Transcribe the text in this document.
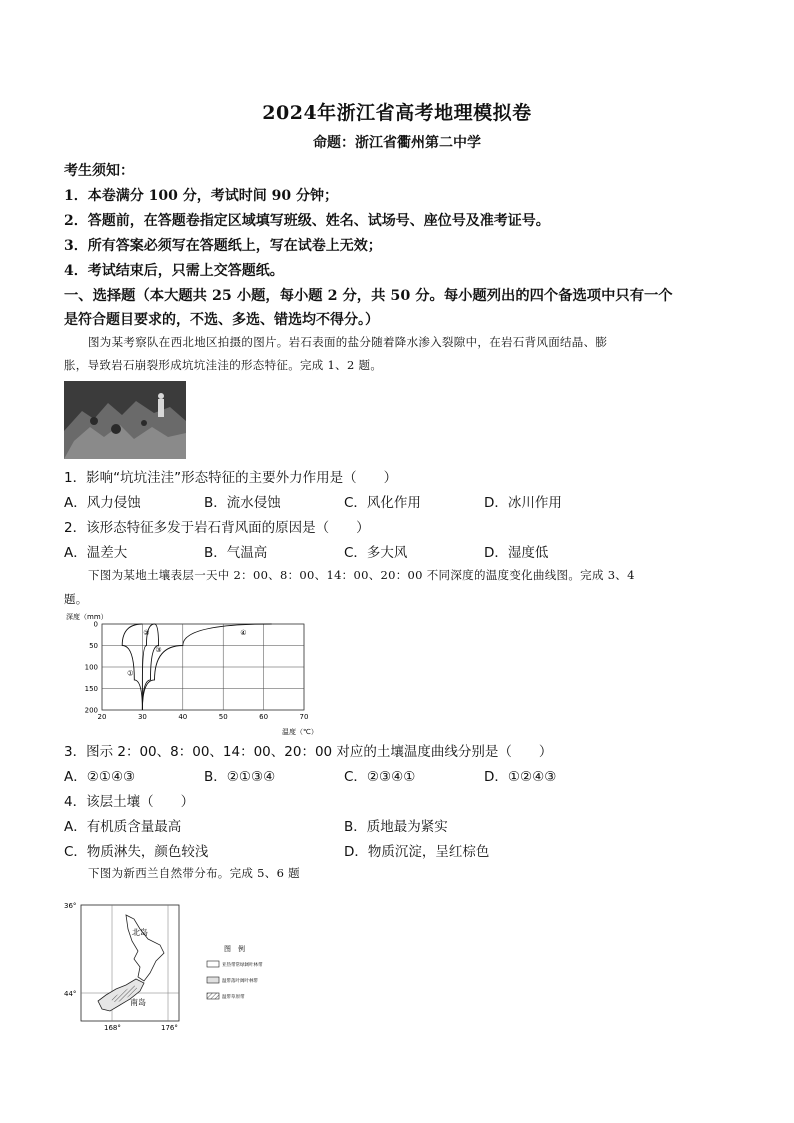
2024年浙江省高考地理模拟卷
命题：浙江省衢州第二中学
考生须知：
1．本卷满分 100 分，考试时间 90 分钟；
2．答题前，在答题卷指定区域填写班级、姓名、试场号、座位号及准考证号。
3．所有答案必须写在答题纸上，写在试卷上无效；
4．考试结束后，只需上交答题纸。
一、选择题（本大题共 25 小题，每小题 2 分，共 50 分。每小题列出的四个备选项中只有一个
是符合题目要求的，不选、多选、错选均不得分。）
图为某考察队在西北地区拍摄的图片。岩石表面的盐分随着降水渗入裂隙中，在岩石背风面结晶、膨
胀，导致岩石崩裂形成坑坑洼洼的形态特征。完成 1、2 题。
1．影响“坑坑洼洼”形态特征的主要外力作用是（　　）
A．风力侵蚀	B．流水侵蚀	C．风化作用	D．冰川作用
2．该形态特征多发于岩石背风面的原因是（　　）
A．温差大	B．气温高	C．多大风	D．湿度低
下图为某地土壤表层一天中 2：00、8：00、14：00、20：00 不同深度的温度变化曲线图。完成 3、4
题。
深度（mm）
温度（℃）
20	30	40	50	60	70
0
50
100
150
200
①
②
③
④
3．图示 2：00、8：00、14：00、20：00 对应的土壤温度曲线分别是（　　）
A．②①④③	B．②①③④	C．②③④①	D．①②④③
4．该层土壤（　　）
A．有机质含量最高	B．质地最为紧实
C．物质淋失，颜色较浅	D．物质沉淀，呈红棕色
下图为新西兰自然带分布。完成 5、6 题
36°
44°
168°	176°
北岛
南岛
图　例
亚热带常绿阔叶林带
温带落叶阔叶林带
温带草原带
